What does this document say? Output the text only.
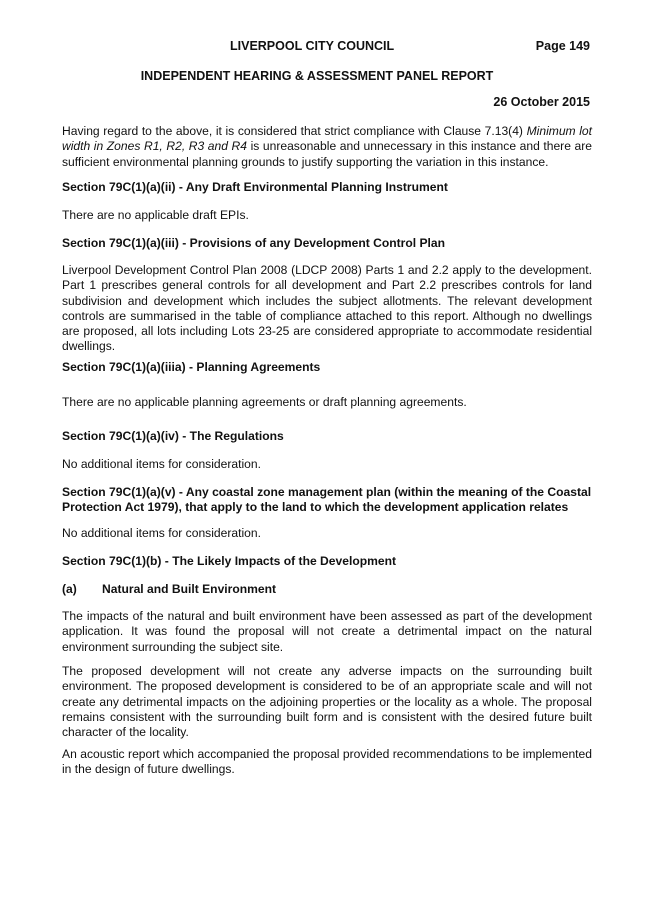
LIVERPOOL CITY COUNCIL	Page 149
INDEPENDENT HEARING & ASSESSMENT PANEL REPORT
26 October 2015

Having regard to the above, it is considered that strict compliance with Clause 7.13(4) Minimum lot width in Zones R1, R2, R3 and R4 is unreasonable and unnecessary in this instance and there are sufficient environmental planning grounds to justify supporting the variation in this instance.

Section 79C(1)(a)(ii) - Any Draft Environmental Planning Instrument

There are no applicable draft EPIs.

Section 79C(1)(a)(iii) - Provisions of any Development Control Plan

Liverpool Development Control Plan 2008 (LDCP 2008) Parts 1 and 2.2 apply to the development. Part 1 prescribes general controls for all development and Part 2.2 prescribes controls for land subdivision and development which includes the subject allotments. The relevant development controls are summarised in the table of compliance attached to this report. Although no dwellings are proposed, all lots including Lots 23-25 are considered appropriate to accommodate residential dwellings.

Section 79C(1)(a)(iiia) - Planning Agreements

There are no applicable planning agreements or draft planning agreements.

Section 79C(1)(a)(iv) - The Regulations

No additional items for consideration.

Section 79C(1)(a)(v) - Any coastal zone management plan (within the meaning of the Coastal Protection Act 1979), that apply to the land to which the development application relates

No additional items for consideration.

Section 79C(1)(b) - The Likely Impacts of the Development
(a)	Natural and Built Environment

The impacts of the natural and built environment have been assessed as part of the development application. It was found the proposal will not create a detrimental impact on the natural environment surrounding the subject site.

The proposed development will not create any adverse impacts on the surrounding built environment. The proposed development is considered to be of an appropriate scale and will not create any detrimental impacts on the adjoining properties or the locality as a whole. The proposal remains consistent with the surrounding built form and is consistent with the desired future built character of the locality.

An acoustic report which accompanied the proposal provided recommendations to be implemented in the design of future dwellings.
